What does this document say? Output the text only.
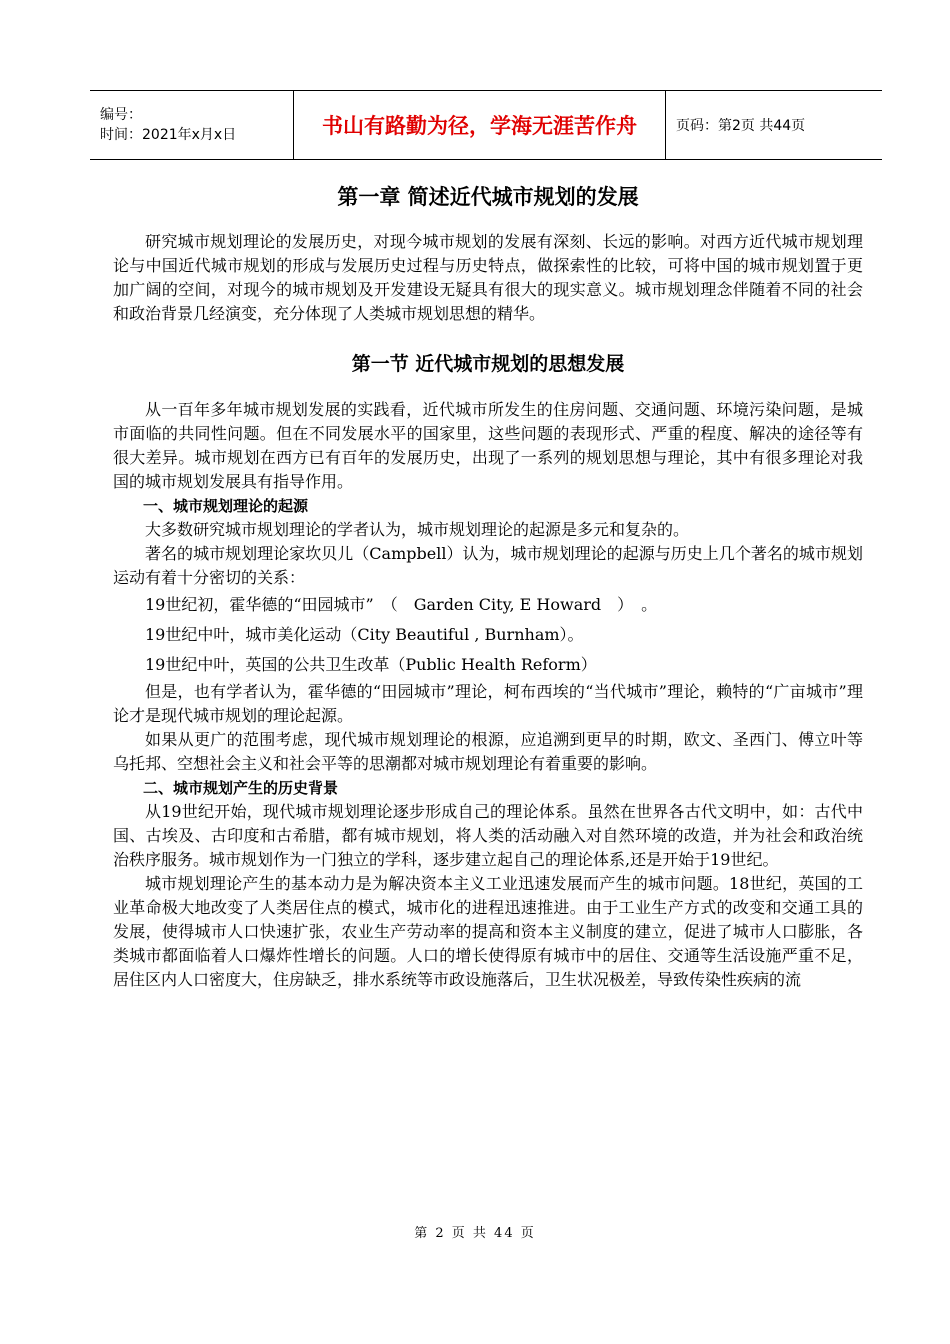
编号：
时间：2021年x月x日	书山有路勤为径，学海无涯苦作舟	页码：第2页 共44页
第一章 简述近代城市规划的发展

研究城市规划理论的发展历史，对现今城市规划的发展有深刻、长远的影响。对西方近代城市规划理论与中国近代城市规划的形成与发展历史过程与历史特点，做探索性的比较，可将中国的城市规划置于更加广阔的空间，对现今的城市规划及开发建设无疑具有很大的现实意义。城市规划理念伴随着不同的社会和政治背景几经演变，充分体现了人类城市规划思想的精华。

第一节 近代城市规划的思想发展

从一百年多年城市规划发展的实践看，近代城市所发生的住房问题、交通问题、环境污染问题，是城市面临的共同性问题。但在不同发展水平的国家里，这些问题的表现形式、严重的程度、解决的途径等有很大差异。城市规划在西方已有百年的发展历史，出现了一系列的规划思想与理论，其中有很多理论对我国的城市规划发展具有指导作用。

一、城市规划理论的起源

大多数研究城市规划理论的学者认为，城市规划理论的起源是多元和复杂的。

著名的城市规划理论家坎贝儿（Campbell）认为，城市规划理论的起源与历史上几个著名的城市规划运动有着十分密切的关系：

19世纪初，霍华德的“田园城市”　（　Garden City, E Howard　）　。

19世纪中叶，城市美化运动（City Beautiful , Burnham）。

19世纪中叶，英国的公共卫生改革（Public Health Reform）

但是，也有学者认为，霍华德的“田园城市”理论，柯布西埃的“当代城市”理论，赖特的“广亩城市”理论才是现代城市规划的理论起源。

如果从更广的范围考虑，现代城市规划理论的根源，应追溯到更早的时期，欧文、圣西门、傅立叶等乌托邦、空想社会主义和社会平等的思潮都对城市规划理论有着重要的影响。

二、城市规划产生的历史背景

从19世纪开始，现代城市规划理论逐步形成自己的理论体系。虽然在世界各古代文明中，如：古代中国、古埃及、古印度和古希腊，都有城市规划，将人类的活动融入对自然环境的改造，并为社会和政治统治秩序服务。城市规划作为一门独立的学科，逐步建立起自己的理论体系,还是开始于19世纪。

城市规划理论产生的基本动力是为解决资本主义工业迅速发展而产生的城市问题。18世纪，英国的工业革命极大地改变了人类居住点的模式，城市化的进程迅速推进。由于工业生产方式的改变和交通工具的发展，使得城市人口快速扩张，农业生产劳动率的提高和资本主义制度的建立，促进了城市人口膨胀，各类城市都面临着人口爆炸性增长的问题。人口的增长使得原有城市中的居住、交通等生活设施严重不足，居住区内人口密度大，住房缺乏，排水系统等市政设施落后，卫生状况极差，导致传染性疾病的流

第 2 页 共 44 页
